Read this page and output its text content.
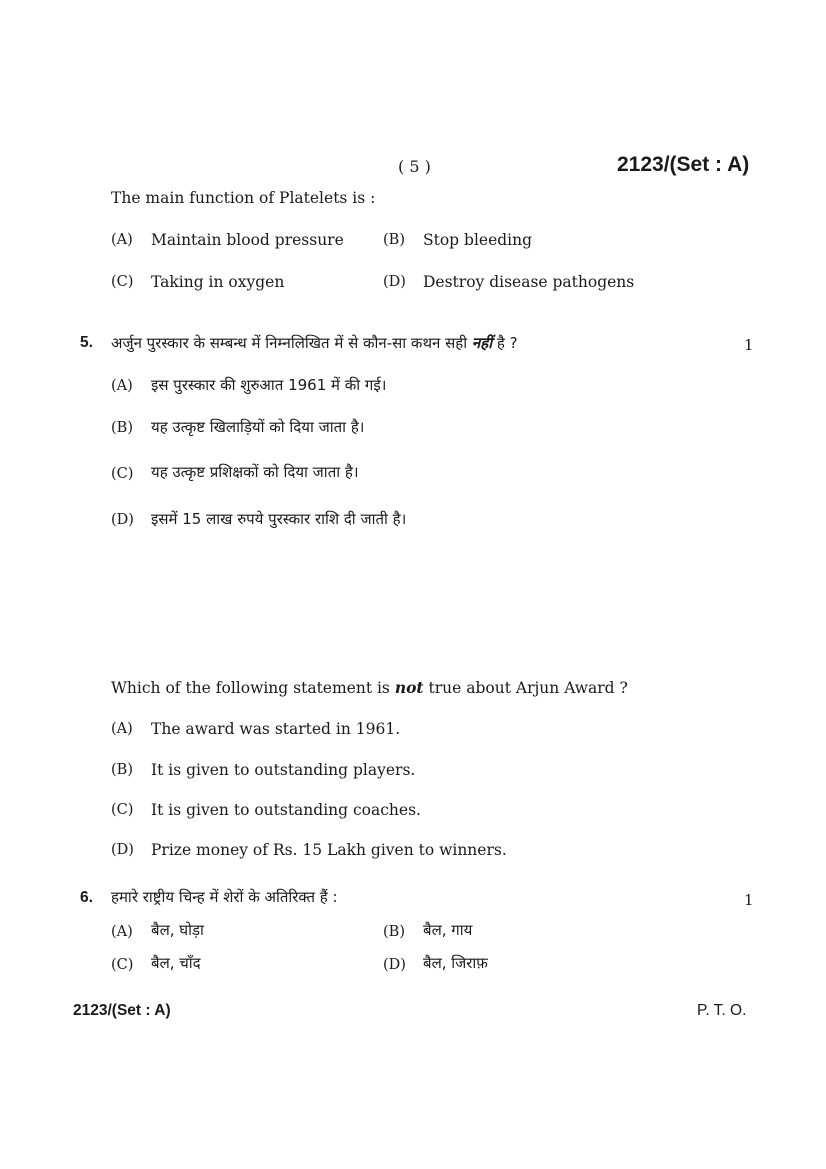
( 5 )	2123/(Set : A)
The main function of Platelets is :
(A) Maintain blood pressure	(B) Stop bleeding
(C) Taking in oxygen	(D) Destroy disease pathogens
5. अर्जुन पुरस्कार के सम्बन्ध में निम्नलिखित में से कौन-सा कथन सही नहीं है ?	1
(A) इस पुरस्कार की शुरुआत 1961 में की गई।
(B) यह उत्कृष्ट खिलाड़ियों को दिया जाता है।
(C) यह उत्कृष्ट प्रशिक्षकों को दिया जाता है।
(D) इसमें 15 लाख रुपये पुरस्कार राशि दी जाती है।
Which of the following statement is not true about Arjun Award ?
(A) The award was started in 1961.
(B) It is given to outstanding players.
(C) It is given to outstanding coaches.
(D) Prize money of Rs. 15 Lakh given to winners.
6. हमारे राष्ट्रीय चिन्ह में शेरों के अतिरिक्त हैं :	1
(A) बैल, घोड़ा	(B) बैल, गाय
(C) बैल, चाँद	(D) बैल, जिराफ़
2123/(Set : A)	P. T. O.
